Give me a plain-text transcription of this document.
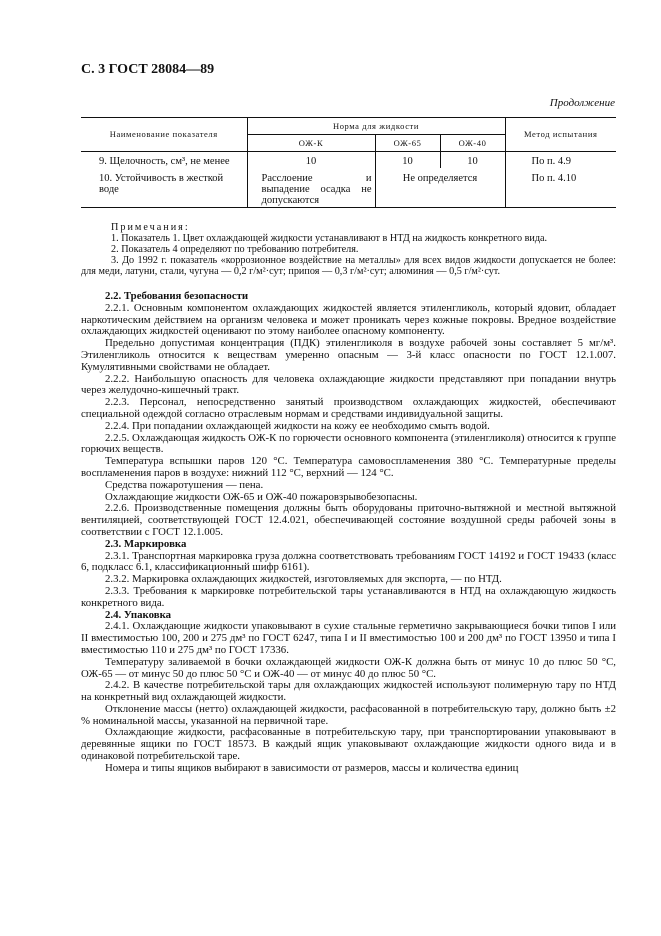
С. 3 ГОСТ 28084—89
Продолжение
Наименование показателя	Норма для жидкости			Метод испытания
	ОЖ-К	ОЖ-65	ОЖ-40	
9. Щелочность, см³, не менее	10	10	10	По п. 4.9
10. Устойчивость в жесткой воде	Расслоение и выпадение осадка не допускаются	Не определяется		По п. 4.10
Примечания:

1. Показатель 1. Цвет охлаждающей жидкости устанавливают в НТД на жидкость конкретного вида.

2. Показатель 4 определяют по требованию потребителя.

3. До 1992 г. показатель «коррозионное воздействие на металлы» для всех видов жидкости допускается не более: для меди, латуни, стали, чугуна — 0,2 г/м²·сут; припоя — 0,3 г/м²·сут; алюминия — 0,5 г/м²·сут.

2.2. Требования безопасности

2.2.1. Основным компонентом охлаждающих жидкостей является этиленгликоль, который ядовит, обладает наркотическим действием на организм человека и может проникать через кожные покровы. Вредное воздействие охлаждающих жидкостей оценивают по этому наиболее опасному компоненту.

Предельно допустимая концентрация (ПДК) этиленгликоля в воздухе рабочей зоны составляет 5 мг/м³. Этиленгликоль относится к веществам умеренно опасным — 3-й класс опасности по ГОСТ 12.1.007. Кумулятивными свойствами не обладает.

2.2.2. Наибольшую опасность для человека охлаждающие жидкости представляют при попадании внутрь через желудочно-кишечный тракт.

2.2.3. Персонал, непосредственно занятый производством охлаждающих жидкостей, обеспечивают специальной одеждой согласно отраслевым нормам и средствами индивидуальной защиты.

2.2.4. При попадании охлаждающей жидкости на кожу ее необходимо смыть водой.

2.2.5. Охлаждающая жидкость ОЖ-К по горючести основного компонента (этиленгликоля) относится к группе горючих веществ.

Температура вспышки паров 120 °С. Температура самовоспламенения 380 °С. Температурные пределы воспламенения паров в воздухе: нижний 112 °С, верхний — 124 °С.

Средства пожаротушения — пена.

Охлаждающие жидкости ОЖ-65 и ОЖ-40 пожаровзрывобезопасны.

2.2.6. Производственные помещения должны быть оборудованы приточно-вытяжной и местной вытяжной вентиляцией, соответствующей ГОСТ 12.4.021, обеспечивающей состояние воздушной среды рабочей зоны в соответствии с ГОСТ 12.1.005.

2.3. Маркировка

2.3.1. Транспортная маркировка груза должна соответствовать требованиям ГОСТ 14192 и ГОСТ 19433 (класс 6, подкласс 6.1, классификационный шифр 6161).

2.3.2. Маркировка охлаждающих жидкостей, изготовляемых для экспорта, — по НТД.

2.3.3. Требования к маркировке потребительской тары устанавливаются в НТД на охлаждающую жидкость конкретного вида.

2.4. Упаковка

2.4.1. Охлаждающие жидкости упаковывают в сухие стальные герметично закрывающиеся бочки типов I или II вместимостью 100, 200 и 275 дм³ по ГОСТ 6247, типа I и II вместимостью 100 и 200 дм³ по ГОСТ 13950 и типа I вместимостью 110 и 275 дм³ по ГОСТ 17336.

Температуру заливаемой в бочки охлаждающей жидкости ОЖ-К должна быть от минус 10 до плюс 50 °С, ОЖ-65 — от минус 50 до плюс 50 °С и ОЖ-40 — от минус 40 до плюс 50 °С.

2.4.2. В качестве потребительской тары для охлаждающих жидкостей используют полимерную тару по НТД на конкретный вид охлаждающей жидкости.

Отклонение массы (нетто) охлаждающей жидкости, расфасованной в потребительскую тару, должно быть ±2 % номинальной массы, указанной на первичной таре.

Охлаждающие жидкости, расфасованные в потребительскую тару, при транспортировании упаковывают в деревянные ящики по ГОСТ 18573. В каждый ящик упаковывают охлаждающие жидкости одного вида и в одинаковой потребительской таре.

Номера и типы ящиков выбирают в зависимости от размеров, массы и количества единиц
